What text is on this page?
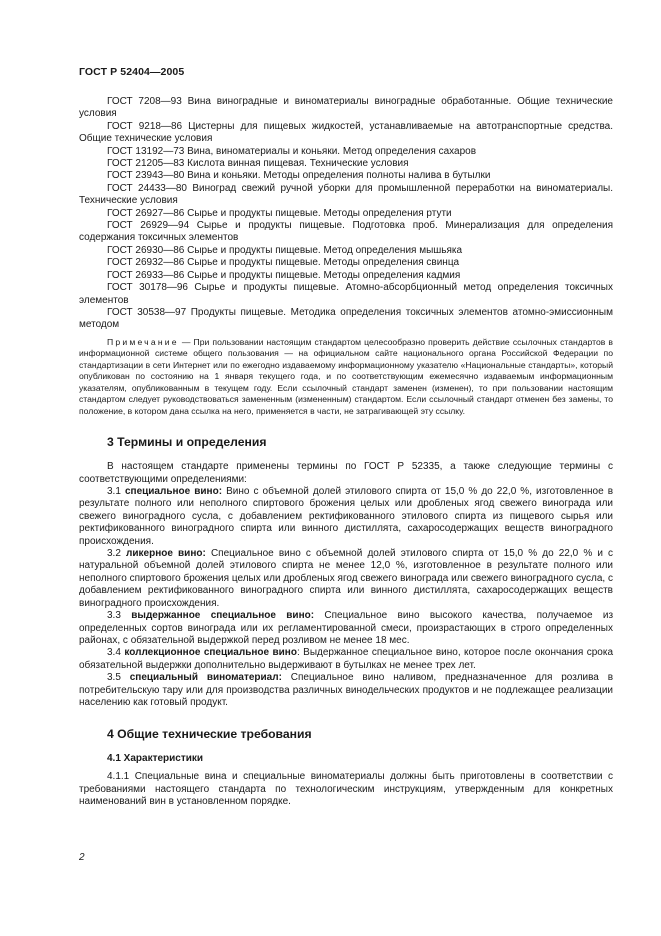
ГОСТ Р 52404—2005

ГОСТ 7208—93 Вина виноградные и виноматериалы виноградные обработанные. Общие технические условия

ГОСТ 9218—86 Цистерны для пищевых жидкостей, устанавливаемые на автотранспортные средства. Общие технические условия

ГОСТ 13192—73 Вина, виноматериалы и коньяки. Метод определения сахаров

ГОСТ 21205—83 Кислота винная пищевая. Технические условия

ГОСТ 23943—80 Вина и коньяки. Методы определения полноты налива в бутылки

ГОСТ 24433—80 Виноград свежий ручной уборки для промышленной переработки на виноматериалы. Технические условия

ГОСТ 26927—86 Сырье и продукты пищевые. Методы определения ртути

ГОСТ 26929—94 Сырье и продукты пищевые. Подготовка проб. Минерализация для определения содержания токсичных элементов

ГОСТ 26930—86 Сырье и продукты пищевые. Метод определения мышьяка

ГОСТ 26932—86 Сырье и продукты пищевые. Методы определения свинца

ГОСТ 26933—86 Сырье и продукты пищевые. Методы определения кадмия

ГОСТ 30178—96 Сырье и продукты пищевые. Атомно-абсорбционный метод определения токсичных элементов

ГОСТ 30538—97 Продукты пищевые. Методика определения токсичных элементов атомно-эмиссионным методом

Примечание — При пользовании настоящим стандартом целесообразно проверить действие ссылочных стандартов в информационной системе общего пользования — на официальном сайте национального органа Российской Федерации по стандартизации в сети Интернет или по ежегодно издаваемому информационному указателю «Национальные стандарты», который опубликован по состоянию на 1 января текущего года, и по соответствующим ежемесячно издаваемым информационным указателям, опубликованным в текущем году. Если ссылочный стандарт заменен (изменен), то при пользовании настоящим стандартом следует руководствоваться замененным (измененным) стандартом. Если ссылочный стандарт отменен без замены, то положение, в котором дана ссылка на него, применяется в части, не затрагивающей эту ссылку.

3 Термины и определения

В настоящем стандарте применены термины по ГОСТ Р 52335, а также следующие термины с соответствующими определениями:

3.1 специальное вино: Вино с объемной долей этилового спирта от 15,0 % до 22,0 %, изготовленное в результате полного или неполного спиртового брожения целых или дробленых ягод свежего винограда или свежего виноградного сусла, с добавлением ректификованного этилового спирта из пищевого сырья или ректификованного виноградного спирта или винного дистиллята, сахаросодержащих веществ виноградного происхождения.

3.2 ликерное вино: Специальное вино с объемной долей этилового спирта от 15,0 % до 22,0 % и с натуральной объемной долей этилового спирта не менее 12,0 %, изготовленное в результате полного или неполного спиртового брожения целых или дробленых ягод свежего винограда или свежего виноградного сусла, с добавлением ректификованного виноградного спирта или винного дистиллята, сахаросодержащих веществ виноградного происхождения.

3.3 выдержанное специальное вино: Специальное вино высокого качества, получаемое из определенных сортов винограда или их регламентированной смеси, произрастающих в строго определенных районах, с обязательной выдержкой перед розливом не менее 18 мес.

3.4 коллекционное специальное вино: Выдержанное специальное вино, которое после окончания срока обязательной выдержки дополнительно выдерживают в бутылках не менее трех лет.

3.5 специальный виноматериал: Специальное вино наливом, предназначенное для розлива в потребительскую тару или для производства различных винодельческих продуктов и не подлежащее реализации населению как готовый продукт.

4 Общие технические требования
4.1 Характеристики

4.1.1 Специальные вина и специальные виноматериалы должны быть приготовлены в соответствии с требованиями настоящего стандарта по технологическим инструкциям, утвержденным для конкретных наименований вин в установленном порядке.

2
